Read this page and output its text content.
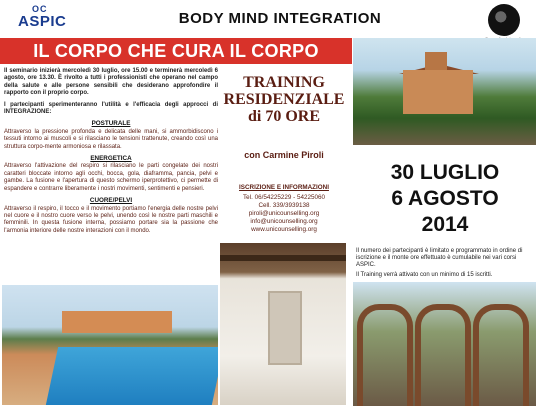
OC
ASPIC	BODY MIND INTEGRATION
IL CORPO CHE CURA IL CORPO

Il seminario inizierà mercoledì 30 luglio, ore 15.00 e terminerà mercoledì 6 agosto, ore 13.30. È rivolto a tutti i professionisti che operano nel campo della salute e alle persone sensibili che desiderano approfondire il rapporto con il proprio corpo.

I partecipanti sperimenteranno l'utilità e l'efficacia degli approcci di INTEGRAZIONE:

POSTURALE

Attraverso la pressione profonda e delicata delle mani, si ammorbidiscono i tessuti intorno ai muscoli e si rilasciano le tensioni trattenute, creando così una struttura corpo-mente armoniosa e rilassata.

ENERGETICA

Attraverso l'attivazione del respiro si rilasciano le parti congelate dei nostri caratteri bloccate intorno agli occhi, bocca, gola, diaframma, pancia, pelvi e gambe. La fusione e l'apertura di questo schermo iperprotettivo, ci permette di espandere e contrarre liberamente i nostri movimenti, sentimenti e pensieri.

CUORE/PELVI

Attraverso il respiro, il tocco e il movimento portiamo l'energia delle nostre pelvi nel cuore e il nostro cuore verso le pelvi, unendo così le nostre parti maschili e femminili. In questa fusione interna, possiamo portare sia la passione che l'armonia interiore delle nostre interazioni con il mondo.

TRAINING
RESIDENZIALE
di 70 ORE
con Carmine Piroli
ISCRIZIONE E INFORMAZIONI
Tel. 06/54225229 - 54225060
Cell. 339/3939138
piroli@unicounselling.org
info@unicounselling.org
www.unicounselling.org
30 LUGLIO
6 AGOSTO
2014

Il numero dei partecipanti è limitato e programmato in ordine di iscrizione e il monte ore effettuato è cumulabile nei vari corsi ASPIC.

Il Training verrà attivato con un minimo di 15 iscritti.
